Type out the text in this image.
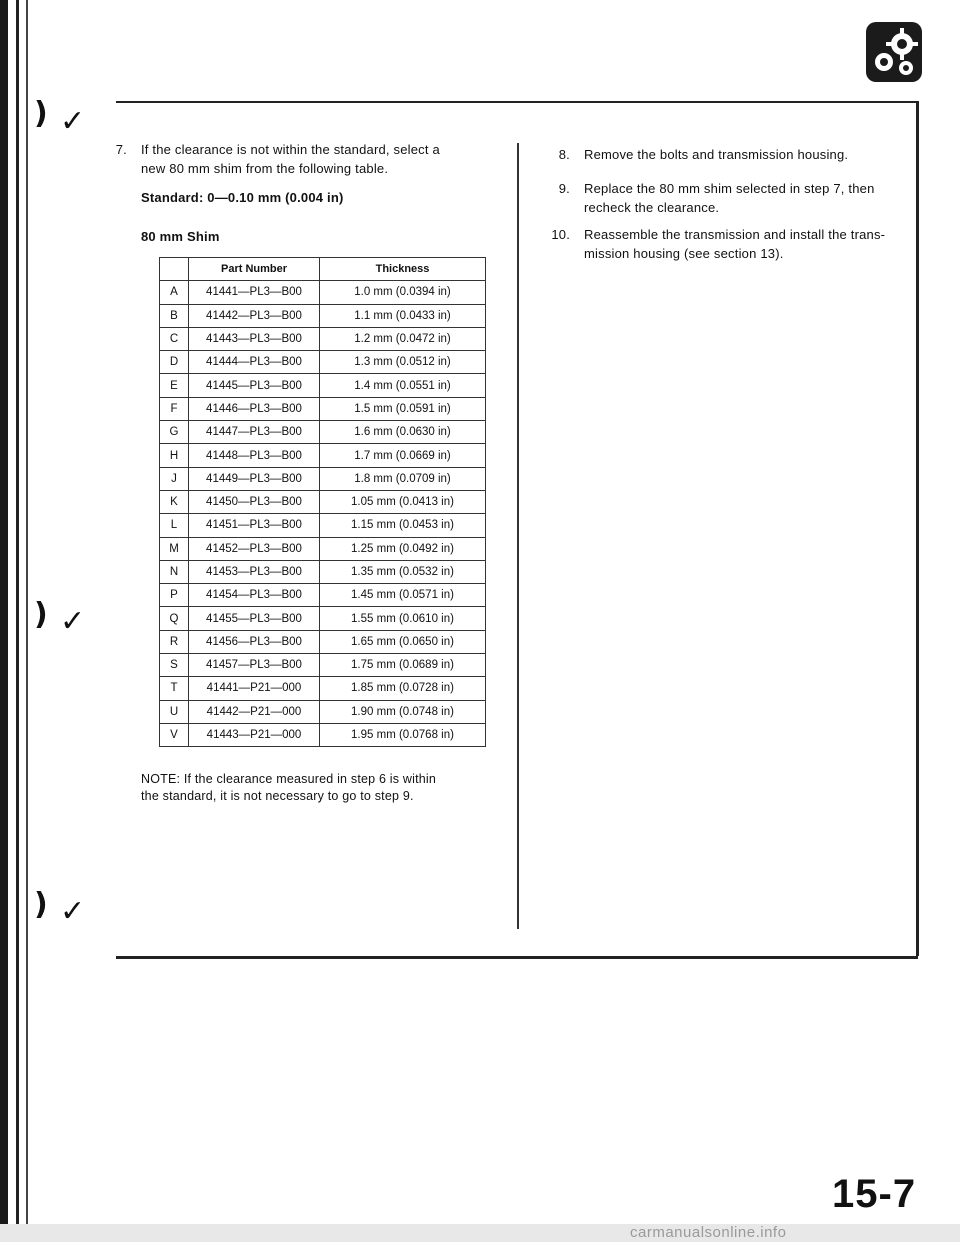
) ✓
) ✓
) ✓
7. If the clearance is not within the standard, select a
new 80 mm shim from the following table.
Standard: 0—0.10 mm (0.004 in)
80 mm Shim
	Part Number	Thickness
A	41441—PL3—B00	1.0 mm (0.0394 in)
B	41442—PL3—B00	1.1 mm (0.0433 in)
C	41443—PL3—B00	1.2 mm (0.0472 in)
D	41444—PL3—B00	1.3 mm (0.0512 in)
E	41445—PL3—B00	1.4 mm (0.0551 in)
F	41446—PL3—B00	1.5 mm (0.0591 in)
G	41447—PL3—B00	1.6 mm (0.0630 in)
H	41448—PL3—B00	1.7 mm (0.0669 in)
J	41449—PL3—B00	1.8 mm (0.0709 in)
K	41450—PL3—B00	1.05 mm (0.0413 in)
L	41451—PL3—B00	1.15 mm (0.0453 in)
M	41452—PL3—B00	1.25 mm (0.0492 in)
N	41453—PL3—B00	1.35 mm (0.0532 in)
P	41454—PL3—B00	1.45 mm (0.0571 in)
Q	41455—PL3—B00	1.55 mm (0.0610 in)
R	41456—PL3—B00	1.65 mm (0.0650 in)
S	41457—PL3—B00	1.75 mm (0.0689 in)
T	41441—P21—000	1.85 mm (0.0728 in)
U	41442—P21—000	1.90 mm (0.0748 in)
V	41443—P21—000	1.95 mm (0.0768 in)
NOTE: If the clearance measured in step 6 is within
the standard, it is not necessary to go to step 9.
8. Remove the bolts and transmission housing.
9. Replace the 80 mm shim selected in step 7, then
recheck the clearance.
10. Reassemble the transmission and install the trans-
mission housing (see section 13).
15-7
carmanualsonline.info
